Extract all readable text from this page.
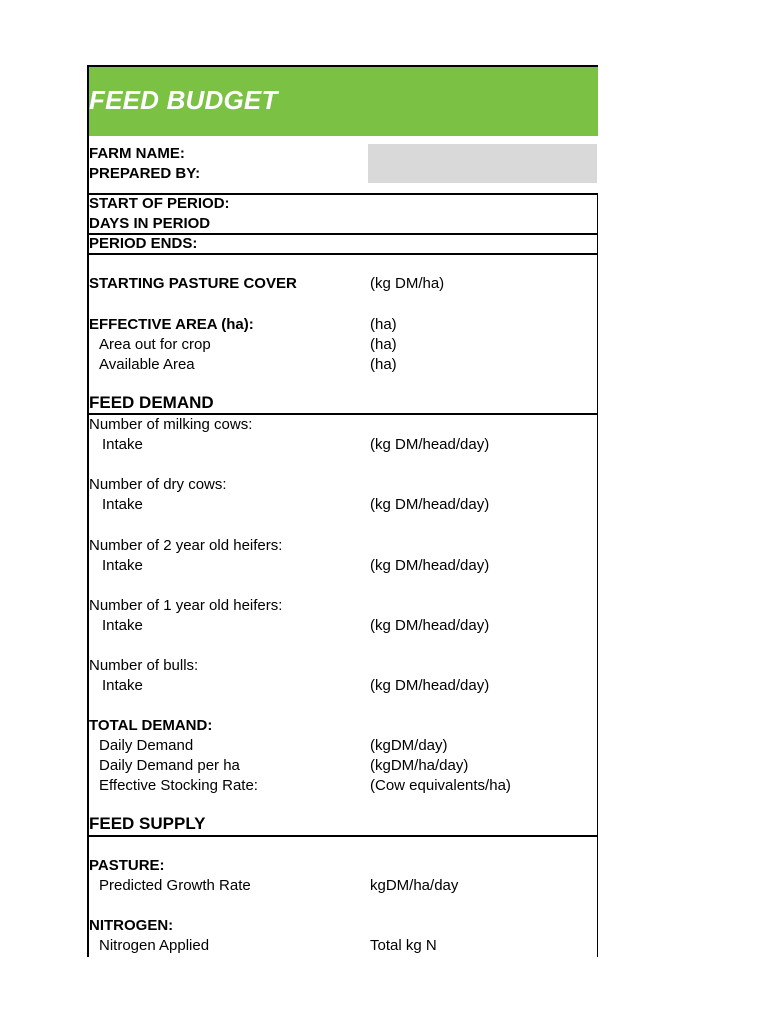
FEED BUDGET
FARM NAME:
PREPARED BY:
START OF PERIOD:
DAYS IN PERIOD
PERIOD ENDS:
STARTING PASTURE COVER	(kg DM/ha)
EFFECTIVE AREA (ha):	(ha)
Area out for crop	(ha)
Available Area	(ha)
FEED DEMAND
Number of milking cows:
Intake	(kg DM/head/day)
Number of dry cows:
Intake	(kg DM/head/day)
Number of 2 year old heifers:
Intake	(kg DM/head/day)
Number of 1 year old heifers:
Intake	(kg DM/head/day)
Number of bulls:
Intake	(kg DM/head/day)
TOTAL DEMAND:
Daily Demand	(kgDM/day)
Daily Demand per ha	(kgDM/ha/day)
Effective Stocking Rate:	(Cow equivalents/ha)
FEED SUPPLY
PASTURE:
Predicted Growth Rate	kgDM/ha/day
NITROGEN:
Nitrogen Applied	Total kg N
